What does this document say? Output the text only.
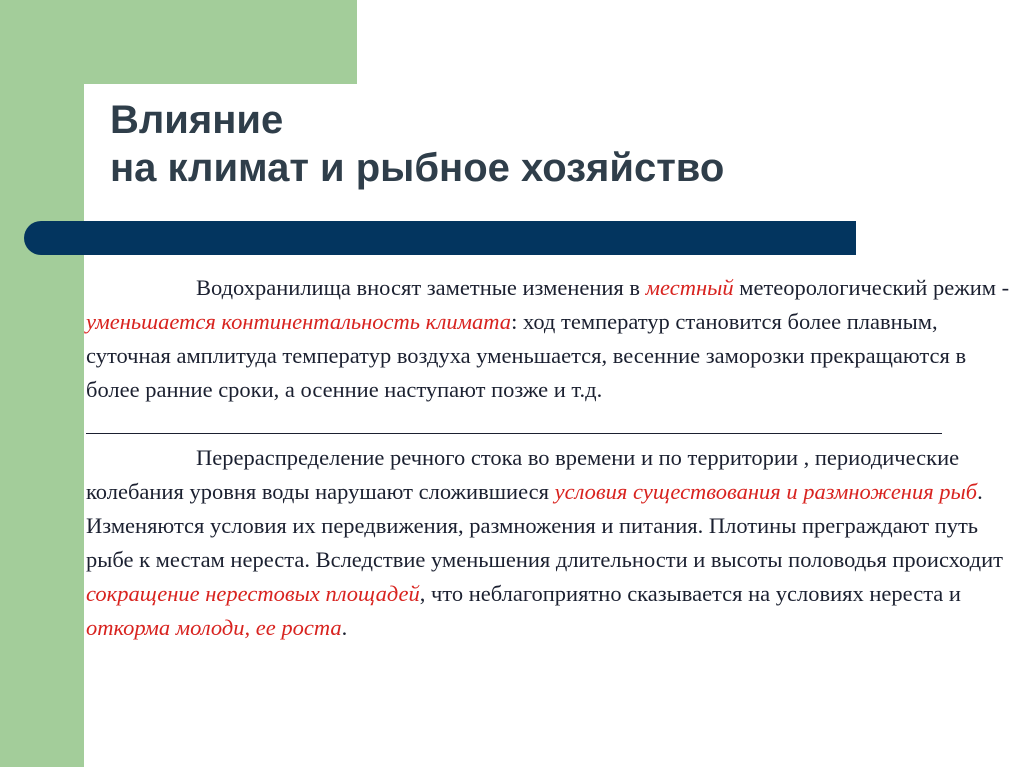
Влияние
на климат и рыбное хозяйство

Водохранилища вносят заметные изменения в местный метеорологический режим - уменьшается континентальность климата: ход температур становится более плавным, суточная амплитуда температур воздуха уменьшается, весенние заморозки прекращаются в более ранние сроки, а осенние наступают позже и т.д.

Перераспределение речного стока во времени и по территории , периодические колебания уровня воды нарушают сложившиеся условия существования и размножения рыб. Изменяются условия их передвижения, размножения и питания. Плотины преграждают путь рыбе к местам нереста. Вследствие уменьшения длительности и высоты половодья происходит сокращение нерестовых площадей, что неблагоприятно сказывается на условиях нереста и откорма молоди, ее роста.
